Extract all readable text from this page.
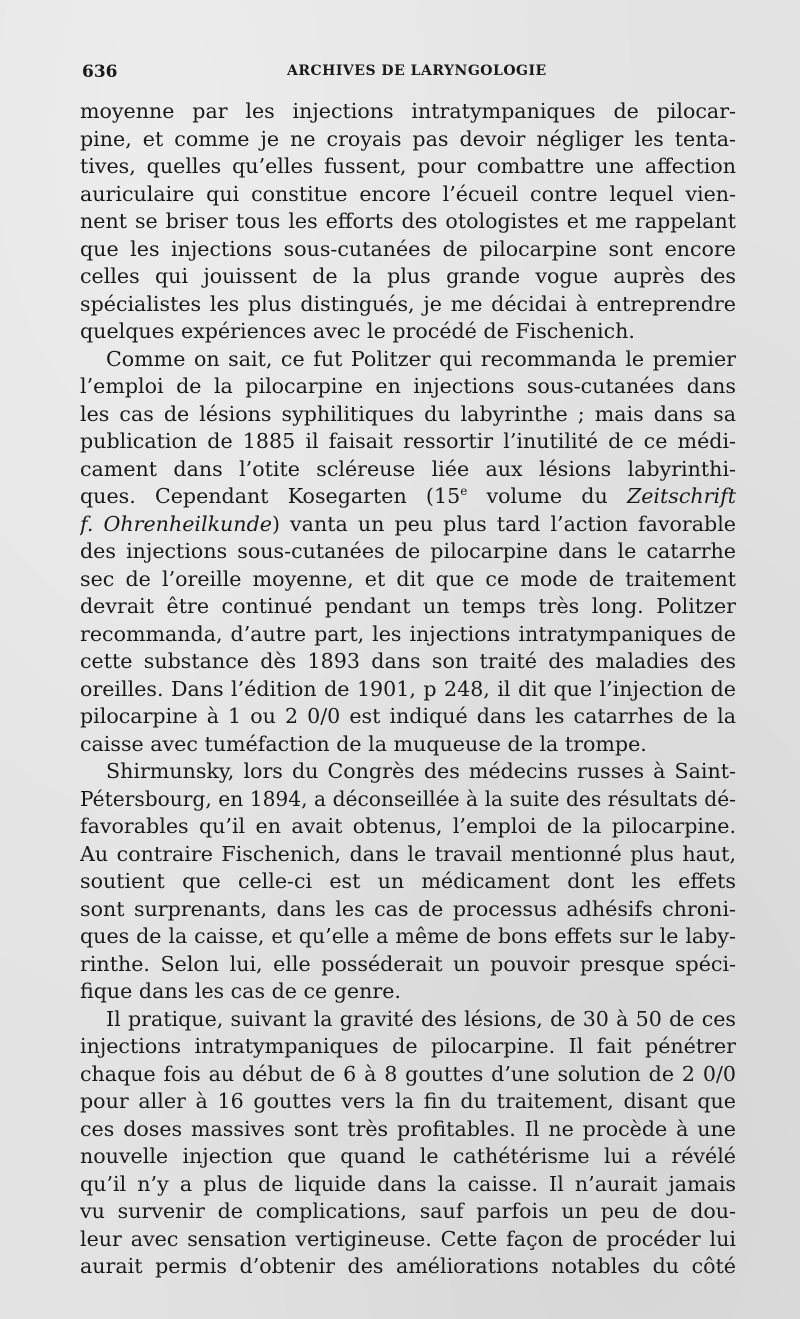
636	ARCHIVES DE LARYNGOLOGIE
moyenne par les injections intratympaniques de pilocar-
pine, et comme je ne croyais pas devoir négliger les tenta-
tives, quelles qu’elles fussent, pour combattre une affection
auriculaire qui constitue encore l’écueil contre lequel vien-
nent se briser tous les efforts des otologistes et me rappelant
que les injections sous-cutanées de pilocarpine sont encore
celles qui jouissent de la plus grande vogue auprès des
spécialistes les plus distingués, je me décidai à entreprendre
quelques expériences avec le procédé de Fischenich.
Comme on sait, ce fut Politzer qui recommanda le premier
l’emploi de la pilocarpine en injections sous-cutanées dans
les cas de lésions syphilitiques du labyrinthe ; mais dans sa
publication de 1885 il faisait ressortir l’inutilité de ce médi-
cament dans l’otite scléreuse liée aux lésions labyrinthi-
ques. Cependant Kosegarten (15e volume du Zeitschrift
f. Ohrenheilkunde) vanta un peu plus tard l’action favorable
des injections sous-cutanées de pilocarpine dans le catarrhe
sec de l’oreille moyenne, et dit que ce mode de traitement
devrait être continué pendant un temps très long. Politzer
recommanda, d’autre part, les injections intratympaniques de
cette substance dès 1893 dans son traité des maladies des
oreilles. Dans l’édition de 1901, p 248, il dit que l’injection de
pilocarpine à 1 ou 2 0/0 est indiqué dans les catarrhes de la
caisse avec tuméfaction de la muqueuse de la trompe.
Shirmunsky, lors du Congrès des médecins russes à Saint-
Pétersbourg, en 1894, a déconseillée à la suite des résultats dé-
favorables qu’il en avait obtenus, l’emploi de la pilocarpine.
Au contraire Fischenich, dans le travail mentionné plus haut,
soutient que celle-ci est un médicament dont les effets
sont surprenants, dans les cas de processus adhésifs chroni-
ques de la caisse, et qu’elle a même de bons effets sur le laby-
rinthe. Selon lui, elle posséderait un pouvoir presque spéci-
fique dans les cas de ce genre.
Il pratique, suivant la gravité des lésions, de 30 à 50 de ces
injections intratympaniques de pilocarpine. Il fait pénétrer
chaque fois au début de 6 à 8 gouttes d’une solution de 2 0/0
pour aller à 16 gouttes vers la fin du traitement, disant que
ces doses massives sont très profitables. Il ne procède à une
nouvelle injection que quand le cathétérisme lui a révélé
qu’il n’y a plus de liquide dans la caisse. Il n’aurait jamais
vu survenir de complications, sauf parfois un peu de dou-
leur avec sensation vertigineuse. Cette façon de procéder lui
aurait permis d’obtenir des améliorations notables du côté
